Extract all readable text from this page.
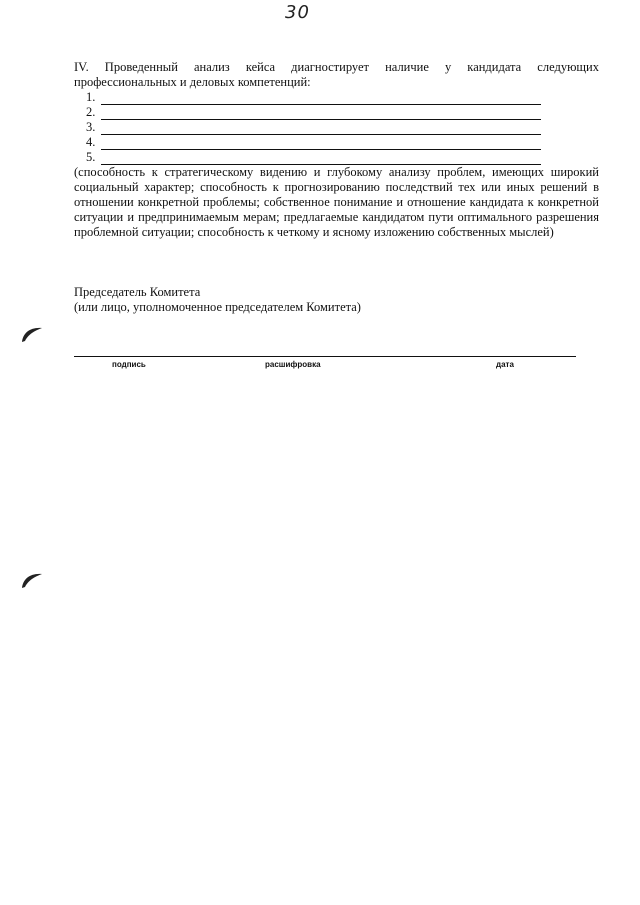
30

IV. Проведенный анализ кейса диагностирует наличие у кандидата следующих профессиональных и деловых компетенций:

1.
2.
3.
4.
5.

(способность к стратегическому видению и глубокому анализу проблем, имеющих широкий социальный характер; способность к прогнозированию последствий тех или иных решений в отношении конкретной проблемы; собственное понимание и отношение кандидата к конкретной ситуации и предпринимаемым мерам; предлагаемые кандидатом пути оптимального разрешения проблемной ситуации; способность к четкому и ясному изложению собственных мыслей)

Председатель Комитета
(или лицо, уполномоченное председателем Комитета)
подпись	расшифровка	дата
